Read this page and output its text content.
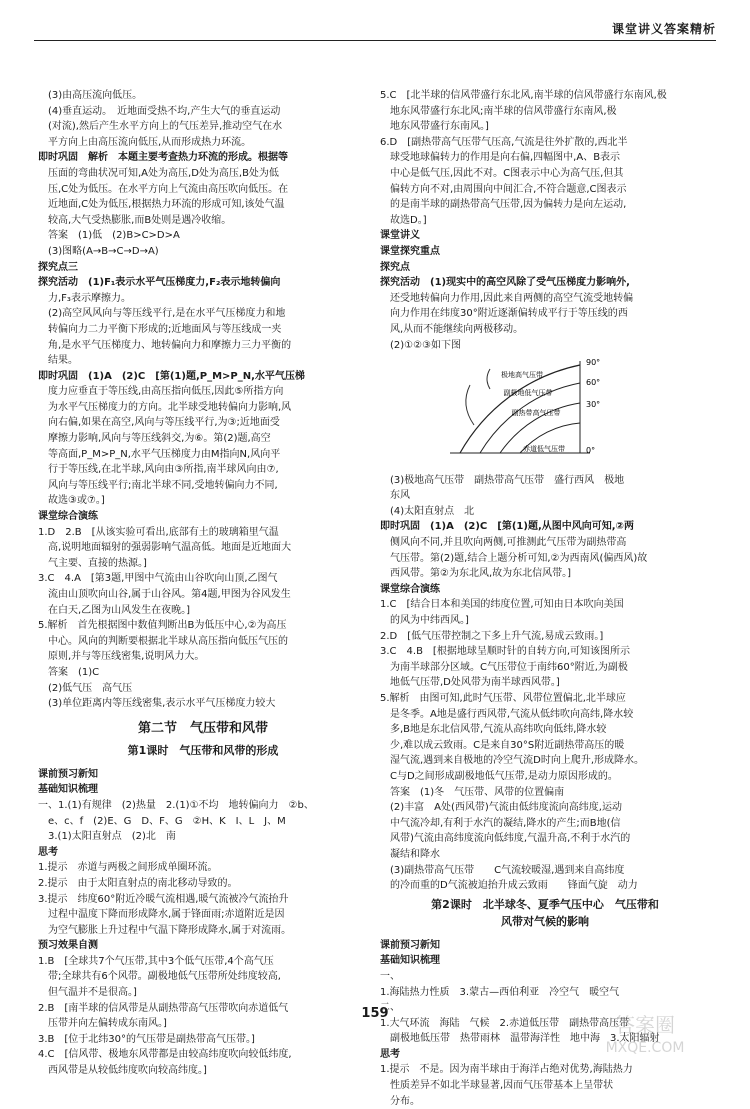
课堂讲义答案精析
(3)由高压流向低压。
(4)垂直运动。　近地面受热不均,产生大气的垂直运动
(对流),然后产生水平方向上的气压差异,推动空气在水
平方向上由高压流向低压,从而形成热力环流。
即时巩固　解析　本题主要考查热力环流的形成。根据等
压面的弯曲状况可知,A处为高压,D处为高压,B处为低
压,C处为低压。在水平方向上气流由高压吹向低压。在
近地面,C处为低压,根据热力环流的形成可知,该处气温
较高,大气受热膨胀,而B处则是遇冷收缩。
　答案　(1)低　(2)B>C>D>A
(3)图略(A→B→C→D→A)
探究点三
探究活动　(1)F₁表示水平气压梯度力,F₂表示地转偏向
力,F₃表示摩擦力。
(2)高空风风向与等压线平行,是在水平气压梯度力和地
转偏向力二力平衡下形成的;近地面风与等压线成一夹
角,是水平气压梯度力、地转偏向力和摩擦力三力平衡的
结果。
即时巩固　(1)A　(2)C　[第(1)题,P_M>P_N,水平气压梯
度力应垂直于等压线,由高压指向低压,因此⑤所指方向
为水平气压梯度力的方向。北半球受地转偏向力影响,风
向右偏,如果在高空,风向与等压线平行,为③;近地面受
摩擦力影响,风向与等压线斜交,为⑥。第(2)题,高空
等高面,P_M>P_N,水平气压梯度力由M指向N,风向平
行于等压线,在北半球,风向由③所指,南半球风向由⑦,
风向与等压线平行;南北半球不同,受地转偏向力不同,
故选③或⑦。]
课堂综合演练
1.D　2.B　[从该实验可看出,底部有土的玻璃箱里气温
高,说明地面辐射的强弱影响气温高低。地面是近地面大
气主要、直接的热源。]
3.C　4.A　[第3题,甲图中气流由山谷吹向山顶,乙图气
流由山顶吹向山谷,属于山谷风。第4题,甲图为谷风发生
在白天,乙图为山风发生在夜晚。]
5.解析　首先根据图中数值判断出B为低压中心,②为高压
中心。风向的判断要根据北半球从高压指向低压气压的
原则,并与等压线密集,说明风力大。
　答案　(1)C
(2)低气压　高气压
(3)单位距离内等压线密集,表示水平气压梯度力较大
第二节　气压带和风带
第1课时　气压带和风带的形成
课前预习新知
基础知识梳理
一、1.(1)有规律　(2)热量　2.(1)①不均　地转偏向力　②b、
e、c、f　(2)E、G　D、F、G　②H、K　I、L　J、M
3.(1)太阳直射点　(2)北　南
思考
1.提示　赤道与两极之间形成单圈环流。
2.提示　由于太阳直射点的南北移动导致的。
3.提示　纬度60°附近冷暖气流相遇,暖气流被冷气流抬升
过程中温度下降而形成降水,属于锋面雨;赤道附近是因
为空气膨胀上升过程中气温下降形成降水,属于对流雨。
预习效果自测
1.B　[全球共7个气压带,其中3个低气压带,4个高气压
带;全球共有6个风带。副极地低气压带所处纬度较高,
但气温并不是很高。]
2.B　[南半球的信风带是从副热带高气压带吹向赤道低气
压带并向左偏转成东南风。]
3.B　[位于北纬30°的气压带是副热带高气压带。]
4.C　[信风带、极地东风带都是由较高纬度吹向较低纬度,
西风带是从较低纬度吹向较高纬度。]
5.C　[北半球的信风带盛行东北风,南半球的信风带盛行东南风,极
地东风带盛行东北风;南半球的信风带盛行东南风,极
地东风带盛行东南风。]
6.D　[副热带高气压带气压高,气流是往外扩散的,西北半
球受地球偏转力的作用是向右偏,四幅图中,A、B表示
中心是低气压,因此不对。C图表示中心为高气压,但其
偏转方向不对,由周围向中间汇合,不符合题意,C图表示
的是南半球的副热带高气压带,因为偏转力是向左运动,
故选D。]
课堂讲义
课堂探究重点
探究点
探究活动　(1)现实中的高空风除了受气压梯度力影响外,
还受地转偏向力作用,因此来自两侧的高空气流受地转偏
向力作用在纬度30°附近逐渐偏转成平行于等压线的西
风,从而不能继续向两极移动。
(2)①②③如下图
极地高气压带
副极地低气压带
副热带高气压带
赤道低气压带
90°
60°
30°
0°
(3)极地高气压带　副热带高气压带　盛行西风　极地
东风
(4)太阳直射点　北
即时巩固　(1)A　(2)C　[第(1)题,从图中风向可知,②两
侧风向不同,并且吹向两侧,可推测此气压带为副热带高
气压带。第(2)题,结合上题分析可知,②为西南风(偏西风)故
西风带。第②为东北风,故为东北信风带。]
课堂综合演练
1.C　[结合日本和美国的纬度位置,可知由日本吹向美国
的风为中纬西风。]
2.D　[低气压带控制之下多上升气流,易成云致雨。]
3.C　4.B　[根据地球呈顺时针的自转方向,可知该图所示
为南半球部分区域。C气压带位于南纬60°附近,为副极
地低气压带,D处风带为南半球西风带。]
5.解析　由图可知,此时气压带、风带位置偏北,北半球应
是冬季。A地是盛行西风带,气流从低纬吹向高纬,降水较
多,B地是东北信风带,气流从高纬吹向低纬,降水较
少,难以成云致雨。C是来自30°S附近副热带高压的暖
湿气流,遇到来自极地的冷空气流D时向上爬升,形成降水。
C与D之间形成副极地低气压带,是动力原因形成的。
　答案　(1)冬　气压带、风带的位置偏南
(2)丰富　A处(西风带)气流由低纬度流向高纬度,运动
中气流冷却,有利于水汽的凝结,降水的产生;而B地(信
风带)气流由高纬度流向低纬度,气温升高,不利于水汽的
凝结和降水
(3)副热带高气压带　　C气流较暖湿,遇到来自高纬度
的冷而重的D气流被迫抬升成云致雨　　锋面气旋　动力
第2课时　北半球冬、夏季气压中心　气压带和
风带对气候的影响
课前预习新知
基础知识梳理
一、
1.海陆热力性质　3.蒙古—西伯利亚　冷空气　暖空气
二、
1.大气环流　海陆　气候　2.赤道低压带　副热带高压带
副极地低压带　热带雨林　温带海洋性　地中海　3.太阳辐射
思考
1.提示　不是。因为南半球由于海洋占绝对优势,海陆热力
性质差异不如北半球显著,因而气压带基本上呈带状
分布。
159	答案圈
MXQE.COM
